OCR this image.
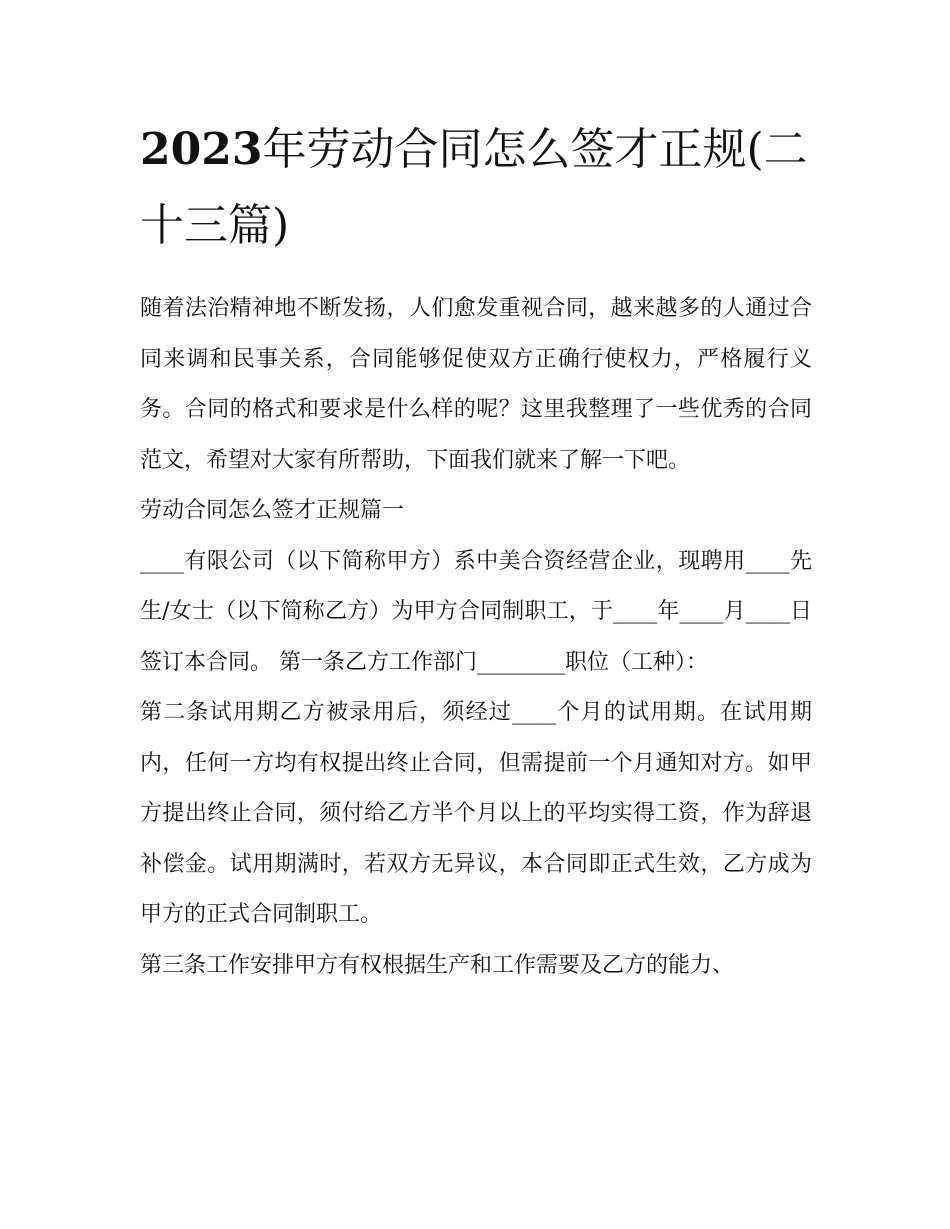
2023年劳动合同怎么签才正规(二十三篇)

随着法治精神地不断发扬，人们愈发重视合同，越来越多的人通过合同来调和民事关系，合同能够促使双方正确行使权力，严格履行义务。合同的格式和要求是什么样的呢？这里我整理了一些优秀的合同范文，希望对大家有所帮助，下面我们就来了解一下吧。

劳动合同怎么签才正规篇一

____有限公司（以下简称甲方）系中美合资经营企业，现聘用____先生/女士（以下简称乙方）为甲方合同制职工，于____年____月____日签订本合同。 第一条乙方工作部门________职位（工种）：

第二条试用期乙方被录用后，须经过____个月的试用期。在试用期内，任何一方均有权提出终止合同，但需提前一个月通知对方。如甲方提出终止合同，须付给乙方半个月以上的平均实得工资，作为辞退补偿金。试用期满时，若双方无异议，本合同即正式生效，乙方成为甲方的正式合同制职工。

第三条工作安排甲方有权根据生产和工作需要及乙方的能力、
